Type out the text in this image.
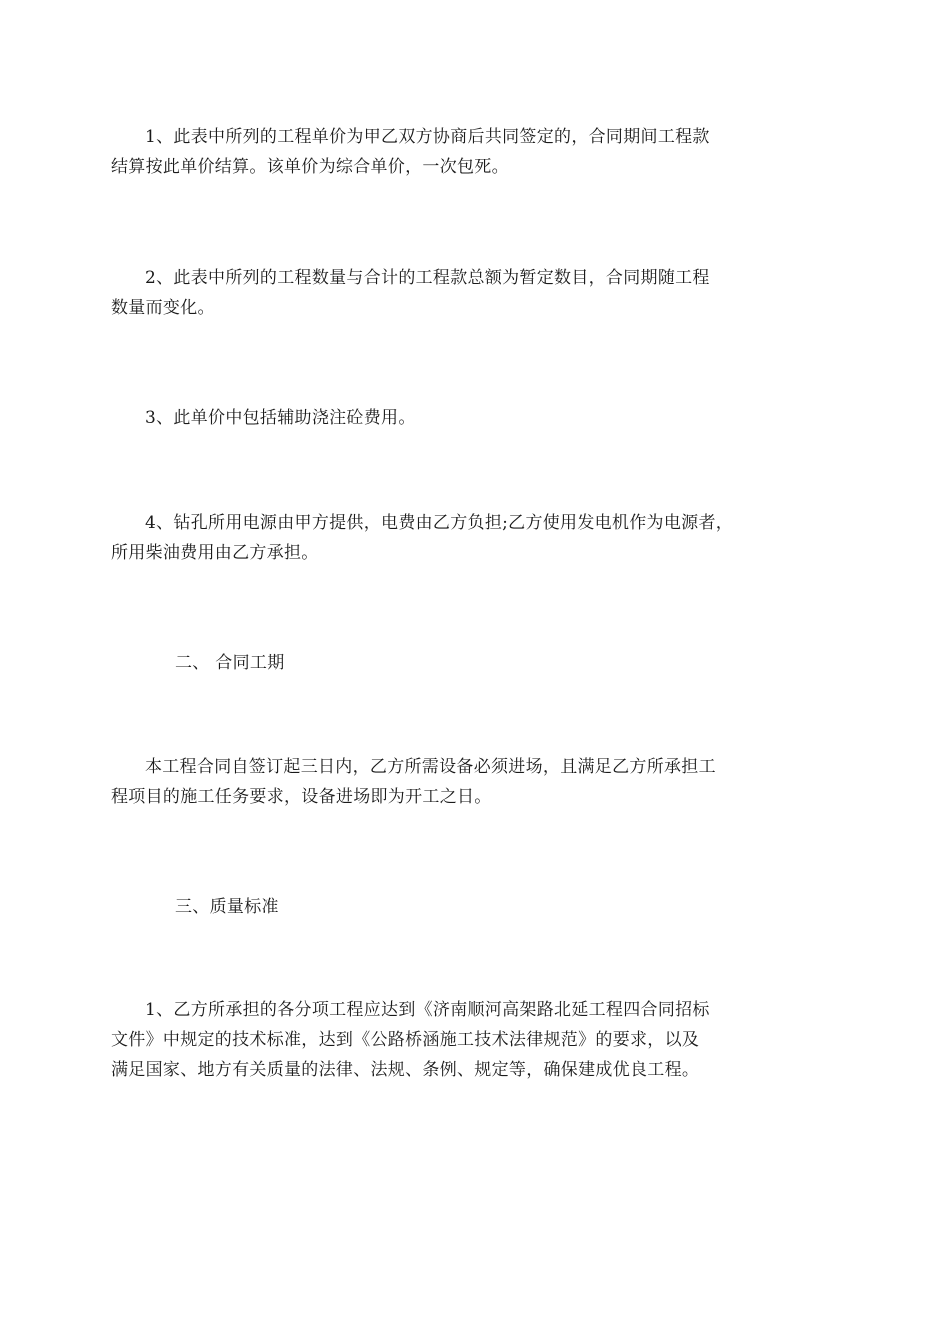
1、此表中所列的工程单价为甲乙双方协商后共同签定的，合同期间工程款
结算按此单价结算。该单价为综合单价，一次包死。

2、此表中所列的工程数量与合计的工程款总额为暂定数目，合同期随工程
数量而变化。

3、此单价中包括辅助浇注砼费用。

4、钻孔所用电源由甲方提供，电费由乙方负担;乙方使用发电机作为电源者，
所用柴油费用由乙方承担。

二、 合同工期

本工程合同自签订起三日内，乙方所需设备必须进场，且满足乙方所承担工
程项目的施工任务要求，设备进场即为开工之日。

三、质量标准

1、乙方所承担的各分项工程应达到《济南顺河高架路北延工程四合同招标
文件》中规定的技术标准，达到《公路桥涵施工技术法律规范》的要求，以及
满足国家、地方有关质量的法律、法规、条例、规定等，确保建成优良工程。
